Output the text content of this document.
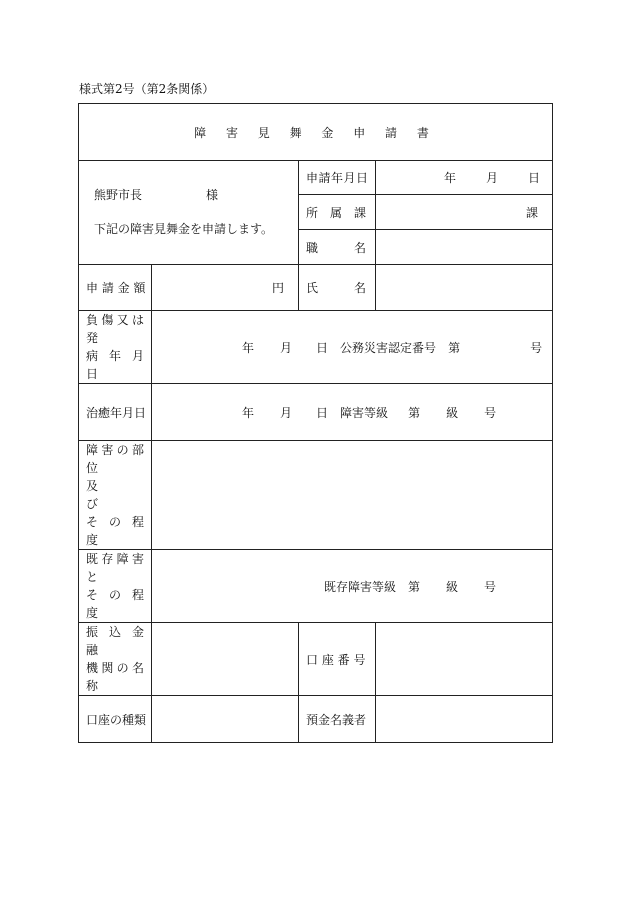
様式第2号（第2条関係）
障 害 見 舞 金 申 請 書			

熊野市長 様
下記の障害見舞金を申請します。		申請年月日	年 月 日
		所　属　課	課
		職　　　名	
申 請 金 額	円	氏　　　名	

負傷又は発
病 年 月 日	年 月 日 公務災害認定番号 第 号		
治癒年月日	年 月 日 障害等級 第 級 号		

障害の部位
及　　　び
そ の 程 度			

既存障害と
そ の 程 度	既存障害等級 第 級 号		

振 込 金 融
機関の名称		口 座 番 号	
口座の種類		預金名義者	
